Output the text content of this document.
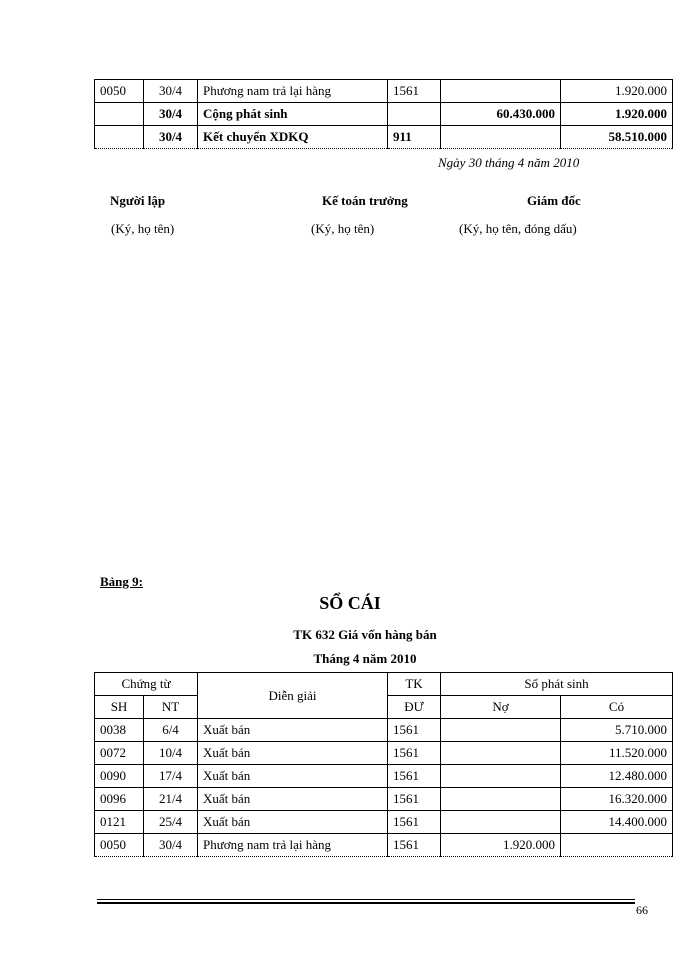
0050	30/4	Phương nam trả lại hàng	1561		1.920.000
	30/4	Cộng phát sinh		60.430.000	1.920.000
	30/4	Kết chuyển XDKQ	911		58.510.000
Ngày 30 tháng 4 năm 2010
Người lập	Kế toán trưởng	Giám đốc
(Ký, họ tên)	(Ký, họ tên)	(Ký, họ tên, đóng dấu)
Bảng 9:
SỔ CÁI
TK 632 Giá vốn hàng bán
Tháng 4 năm 2010
Chứng từ		Diễn giải	TK	Số phát sinh	
SH	NT		ĐƯ	Nợ	Có
0038	6/4	Xuất bán	1561		5.710.000
0072	10/4	Xuất bán	1561		11.520.000
0090	17/4	Xuất bán	1561		12.480.000
0096	21/4	Xuất bán	1561		16.320.000
0121	25/4	Xuất bán	1561		14.400.000
0050	30/4	Phương nam trả lại hàng	1561	1.920.000	
66
